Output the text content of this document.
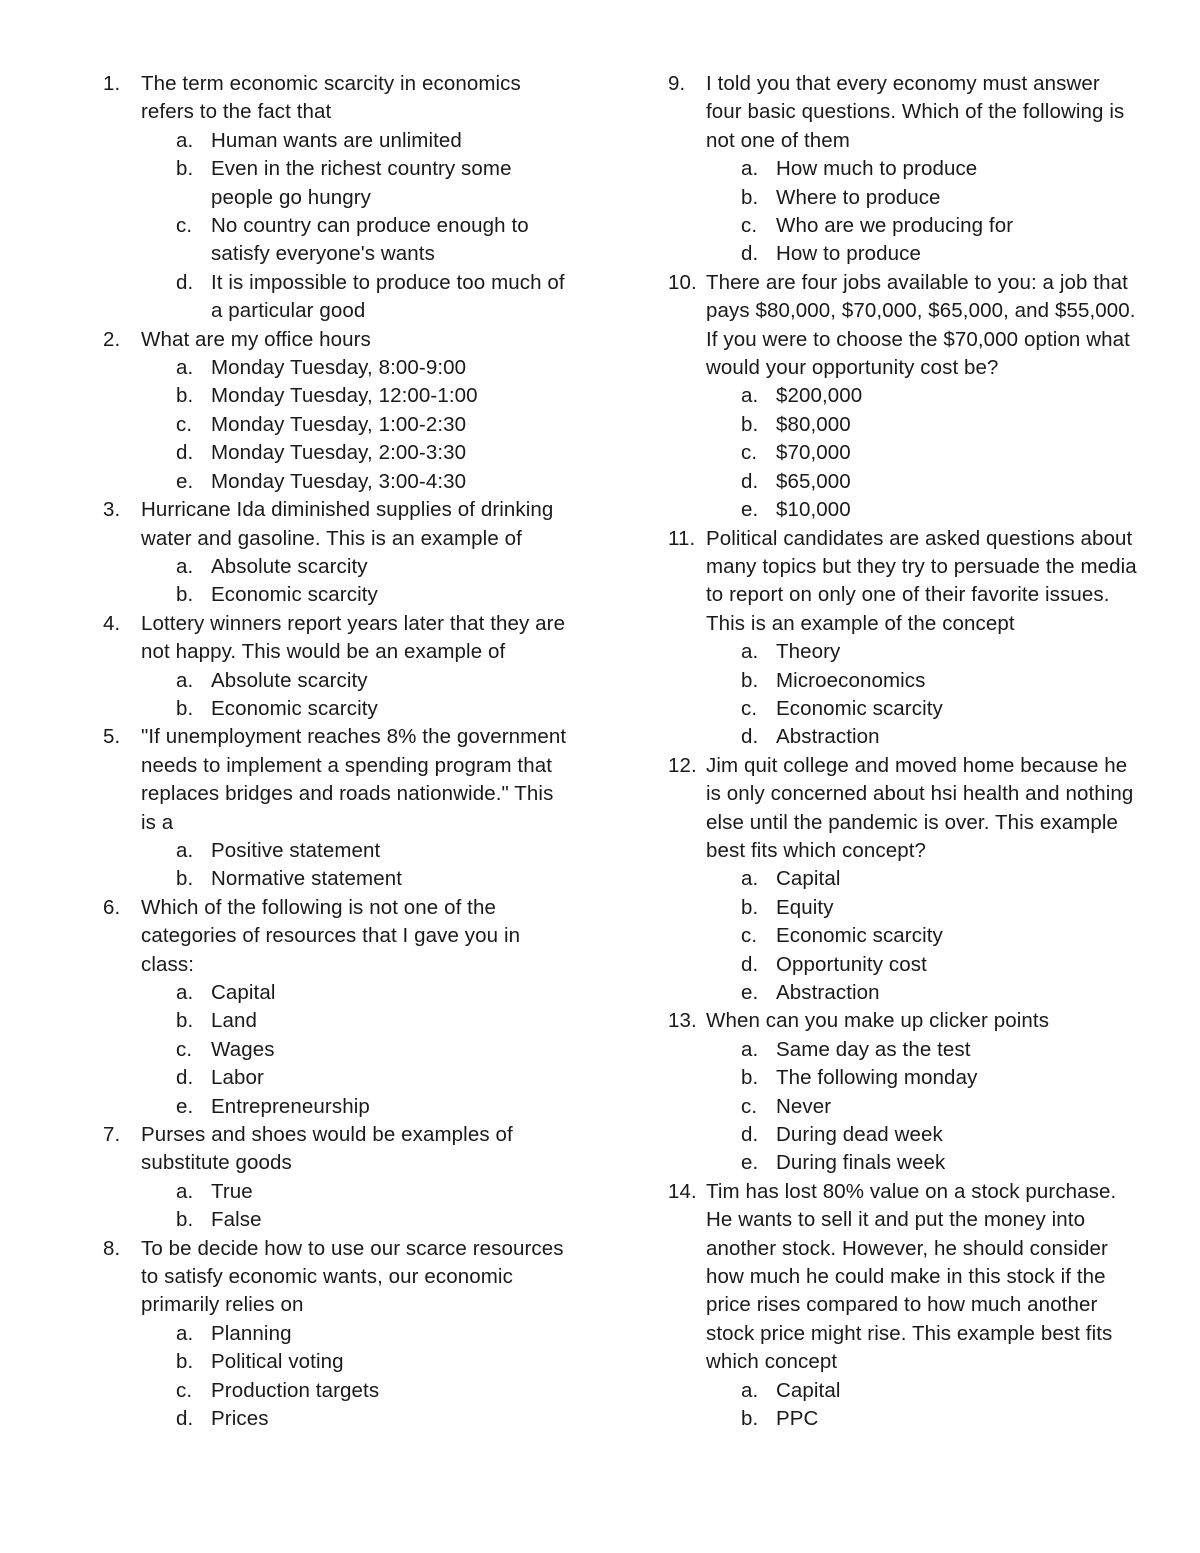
1.	The term economic scarcity in economics refers to the fact that
a. Human wants are unlimited
b. Even in the richest country some people go hungry
c. No country can produce enough to satisfy everyone's wants
d. It is impossible to produce too much of a particular good
2.	What are my office hours
a. Monday Tuesday, 8:00-9:00
b. Monday Tuesday, 12:00-1:00
c. Monday Tuesday, 1:00-2:30
d. Monday Tuesday, 2:00-3:30
e. Monday Tuesday, 3:00-4:30
3.	Hurricane Ida diminished supplies of drinking water and gasoline. This is an example of
a. Absolute scarcity
b. Economic scarcity
4.	Lottery winners report years later that they are not happy. This would be an example of
a. Absolute scarcity
b. Economic scarcity
5.	"If unemployment reaches 8% the government needs to implement a spending program that replaces bridges and roads nationwide." This is a
a. Positive statement
b. Normative statement
6.	Which of the following is not one of the categories of resources that I gave you in class:
a. Capital
b. Land
c. Wages
d. Labor
e. Entrepreneurship
7.	Purses and shoes would be examples of substitute goods
a. True
b. False
8.	To be decide how to use our scarce resources to satisfy economic wants, our economic primarily relies on
a. Planning
b. Political voting
c. Production targets
d. Prices
9.	I told you that every economy must answer four basic questions. Which of the following is not one of them
a. How much to produce
b. Where to produce
c. Who are we producing for
d. How to produce
10. There are four jobs available to you: a job that pays $80,000, $70,000, $65,000, and $55,000. If you were to choose the $70,000 option what would your opportunity cost be?
a. $200,000
b. $80,000
c. $70,000
d. $65,000
e. $10,000
11. Political candidates are asked questions about many topics but they try to persuade the media to report on only one of their favorite issues. This is an example of the concept
a. Theory
b. Microeconomics
c. Economic scarcity
d. Abstraction
12. Jim quit college and moved home because he is only concerned about hsi health and nothing else until the pandemic is over. This example best fits which concept?
a. Capital
b. Equity
c. Economic scarcity
d. Opportunity cost
e. Abstraction
13. When can you make up clicker points
a. Same day as the test
b. The following monday
c. Never
d. During dead week
e. During finals week
14. Tim has lost 80% value on a stock purchase. He wants to sell it and put the money into another stock. However, he should consider how much he could make in this stock if the price rises compared to how much another stock price might rise. This example best fits which concept
a. Capital
b. PPC
